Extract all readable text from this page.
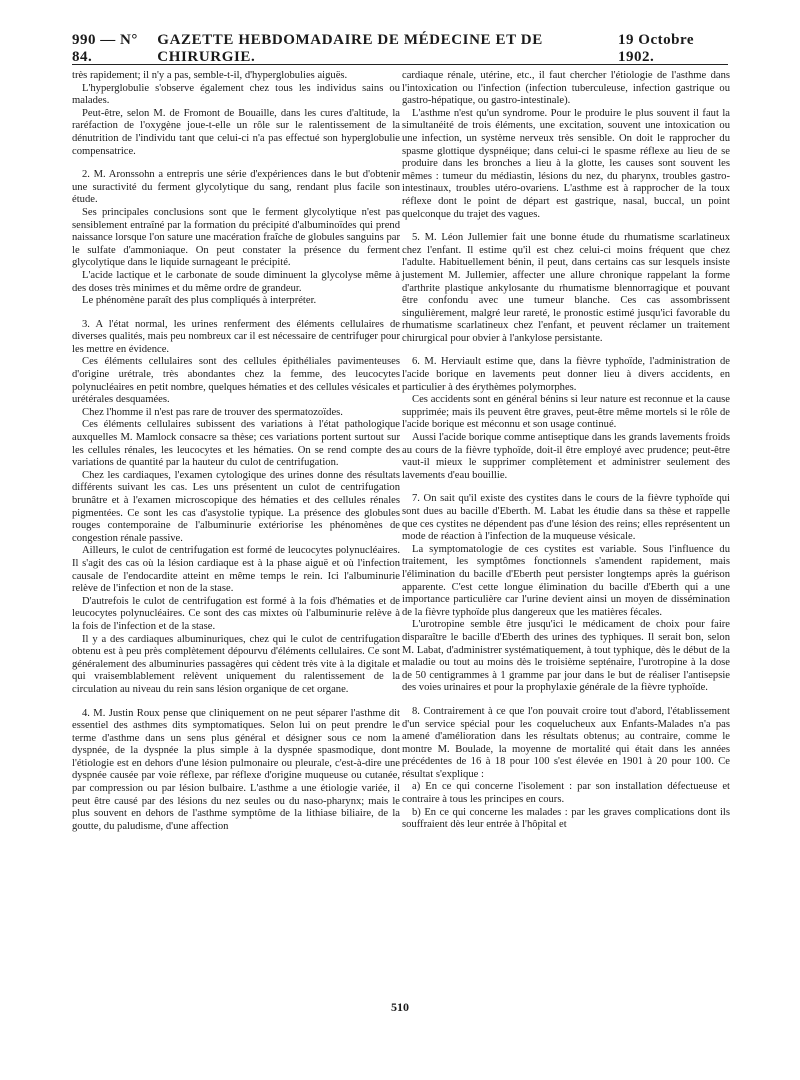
990 — N° 84.
GAZETTE HEBDOMADAIRE DE MÉDECINE ET DE CHIRURGIE.
19 Octobre 1902.

très rapidement; il n'y a pas, semble-t-il, d'hyperglobulies aiguës.

L'hyperglobulie s'observe également chez tous les individus sains ou malades.

Peut-être, selon M. de Fromont de Bouaille, dans les cures d'altitude, la raréfaction de l'oxygène joue-t-elle un rôle sur le ralentissement de la dénutrition de l'individu tant que celui-ci n'a pas effectué son hyperglobulie compensatrice.

2. M. Aronssohn a entrepris une série d'expériences dans le but d'obtenir une suractivité du ferment glycolytique du sang, rendant plus facile son étude.

Ses principales conclusions sont que le ferment glycolytique n'est pas sensiblement entraîné par la formation du précipité d'albuminoïdes qui prend naissance lorsque l'on sature une macération fraîche de globules sanguins par le sulfate d'ammoniaque. On peut constater la présence du ferment glycolytique dans le liquide surnageant le précipité.

L'acide lactique et le carbonate de soude diminuent la glycolyse même à des doses très minimes et du même ordre de grandeur.

Le phénomène paraît des plus compliqués à interpréter.

3. A l'état normal, les urines renferment des éléments cellulaires de diverses qualités, mais peu nombreux car il est nécessaire de centrifuger pour les mettre en évidence.

Ces éléments cellulaires sont des cellules épithéliales pavimenteuses d'origine urétrale, très abondantes chez la femme, des leucocytes polynucléaires en petit nombre, quelques hématies et des cellules vésicales et urétérales desquamées.

Chez l'homme il n'est pas rare de trouver des spermatozoïdes.

Ces éléments cellulaires subissent des variations à l'état pathologique auxquelles M. Mamlock consacre sa thèse; ces variations portent surtout sur les cellules rénales, les leucocytes et les hématies. On se rend compte des variations de quantité par la hauteur du culot de centrifugation.

Chez les cardiaques, l'examen cytologique des urines donne des résultats différents suivant les cas. Les uns présentent un culot de centrifugation brunâtre et à l'examen microscopique des hématies et des cellules rénales pigmentées. Ce sont les cas d'asystolie typique. La présence des globules rouges contemporaine de l'albuminurie extériorise les phénomènes de congestion rénale passive.

Ailleurs, le culot de centrifugation est formé de leucocytes polynucléaires. Il s'agit des cas où la lésion cardiaque est à la phase aiguë et où l'infection causale de l'endocardite atteint en même temps le rein. Ici l'albuminurie relève de l'infection et non de la stase.

D'autrefois le culot de centrifugation est formé à la fois d'hématies et de leucocytes polynucléaires. Ce sont des cas mixtes où l'albuminurie relève à la fois de l'infection et de la stase.

Il y a des cardiaques albuminuriques, chez qui le culot de centrifugation obtenu est à peu près complètement dépourvu d'éléments cellulaires. Ce sont généralement des albuminuries passagères qui cèdent très vite à la digitale et qui vraisemblablement relèvent uniquement du ralentissement de la circulation au niveau du rein sans lésion organique de cet organe.

4. M. Justin Roux pense que cliniquement on ne peut séparer l'asthme dit essentiel des asthmes dits symptomatiques. Selon lui on peut prendre le terme d'asthme dans un sens plus général et désigner sous ce nom la dyspnée, de la dyspnée la plus simple à la dyspnée spasmodique, dont l'étiologie est en dehors d'une lésion pulmonaire ou pleurale, c'est-à-dire une dyspnée causée par voie réflexe, par réflexe d'origine muqueuse ou cutanée, par compression ou par lésion bulbaire. L'asthme a une étiologie variée, il peut être causé par des lésions du nez seules ou du naso-pharynx; mais le plus souvent en dehors de l'asthme symptôme de la lithiase biliaire, de la goutte, du paludisme, d'une affection

cardiaque rénale, utérine, etc., il faut chercher l'étiologie de l'asthme dans l'intoxication ou l'infection (infection tuberculeuse, infection gastrique ou gastro-hépatique, ou gastro-intestinale).

L'asthme n'est qu'un syndrome. Pour le produire le plus souvent il faut la simultanéité de trois éléments, une excitation, souvent une intoxication ou une infection, un système nerveux très sensible. On doit le rapprocher du spasme glottique dyspnéique; dans celui-ci le spasme réflexe au lieu de se produire dans les bronches a lieu à la glotte, les causes sont souvent les mêmes : tumeur du médiastin, lésions du nez, du pharynx, troubles gastro-intestinaux, troubles utéro-ovariens. L'asthme est à rapprocher de la toux réflexe dont le point de départ est gastrique, nasal, buccal, un point quelconque du trajet des vagues.

5. M. Léon Jullemier fait une bonne étude du rhumatisme scarlatineux chez l'enfant. Il estime qu'il est chez celui-ci moins fréquent que chez l'adulte. Habituellement bénin, il peut, dans certains cas sur lesquels insiste justement M. Jullemier, affecter une allure chronique rappelant la forme d'arthrite plastique ankylosante du rhumatisme blennorragique et pouvant être confondu avec une tumeur blanche. Ces cas assombrissent singulièrement, malgré leur rareté, le pronostic estimé jusqu'ici favorable du rhumatisme scarlatineux chez l'enfant, et peuvent réclamer un traitement chirurgical pour obvier à l'ankylose persistante.

6. M. Herviault estime que, dans la fièvre typhoïde, l'administration de l'acide borique en lavements peut donner lieu à divers accidents, en particulier à des érythèmes polymorphes.

Ces accidents sont en général bénins si leur nature est reconnue et la cause supprimée; mais ils peuvent être graves, peut-être même mortels si le rôle de l'acide borique est méconnu et son usage continué.

Aussi l'acide borique comme antiseptique dans les grands lavements froids au cours de la fièvre typhoïde, doit-il être employé avec prudence; peut-être vaut-il mieux le supprimer complètement et administrer seulement des lavements d'eau bouillie.

7. On sait qu'il existe des cystites dans le cours de la fièvre typhoïde qui sont dues au bacille d'Eberth. M. Labat les étudie dans sa thèse et rappelle que ces cystites ne dépendent pas d'une lésion des reins; elles représentent un mode de réaction à l'infection de la muqueuse vésicale.

La symptomatologie de ces cystites est variable. Sous l'influence du traitement, les symptômes fonctionnels s'amendent rapidement, mais l'élimination du bacille d'Eberth peut persister longtemps après la guérison apparente. C'est cette longue élimination du bacille d'Eberth qui a une importance particulière car l'urine devient ainsi un moyen de dissémination de la fièvre typhoïde plus dangereux que les matières fécales.

L'urotropine semble être jusqu'ici le médicament de choix pour faire disparaître le bacille d'Eberth des urines des typhiques. Il serait bon, selon M. Labat, d'administrer systématiquement, à tout typhique, dès le début de la maladie ou tout au moins dès le troisième septénaire, l'urotropine à la dose de 50 centigrammes à 1 gramme par jour dans le but de réaliser l'antisepsie des voies urinaires et pour la prophylaxie générale de la fièvre typhoïde.

8. Contrairement à ce que l'on pouvait croire tout d'abord, l'établissement d'un service spécial pour les coquelucheux aux Enfants-Malades n'a pas amené d'amélioration dans les résultats obtenus; au contraire, comme le montre M. Boulade, la moyenne de mortalité qui était dans les années précédentes de 16 à 18 pour 100 s'est élevée en 1901 à 20 pour 100. Ce résultat s'explique :

a) En ce qui concerne l'isolement : par son installation défectueuse et contraire à tous les principes en cours.

b) En ce qui concerne les malades : par les graves complications dont ils souffraient dès leur entrée à l'hôpital et

510
